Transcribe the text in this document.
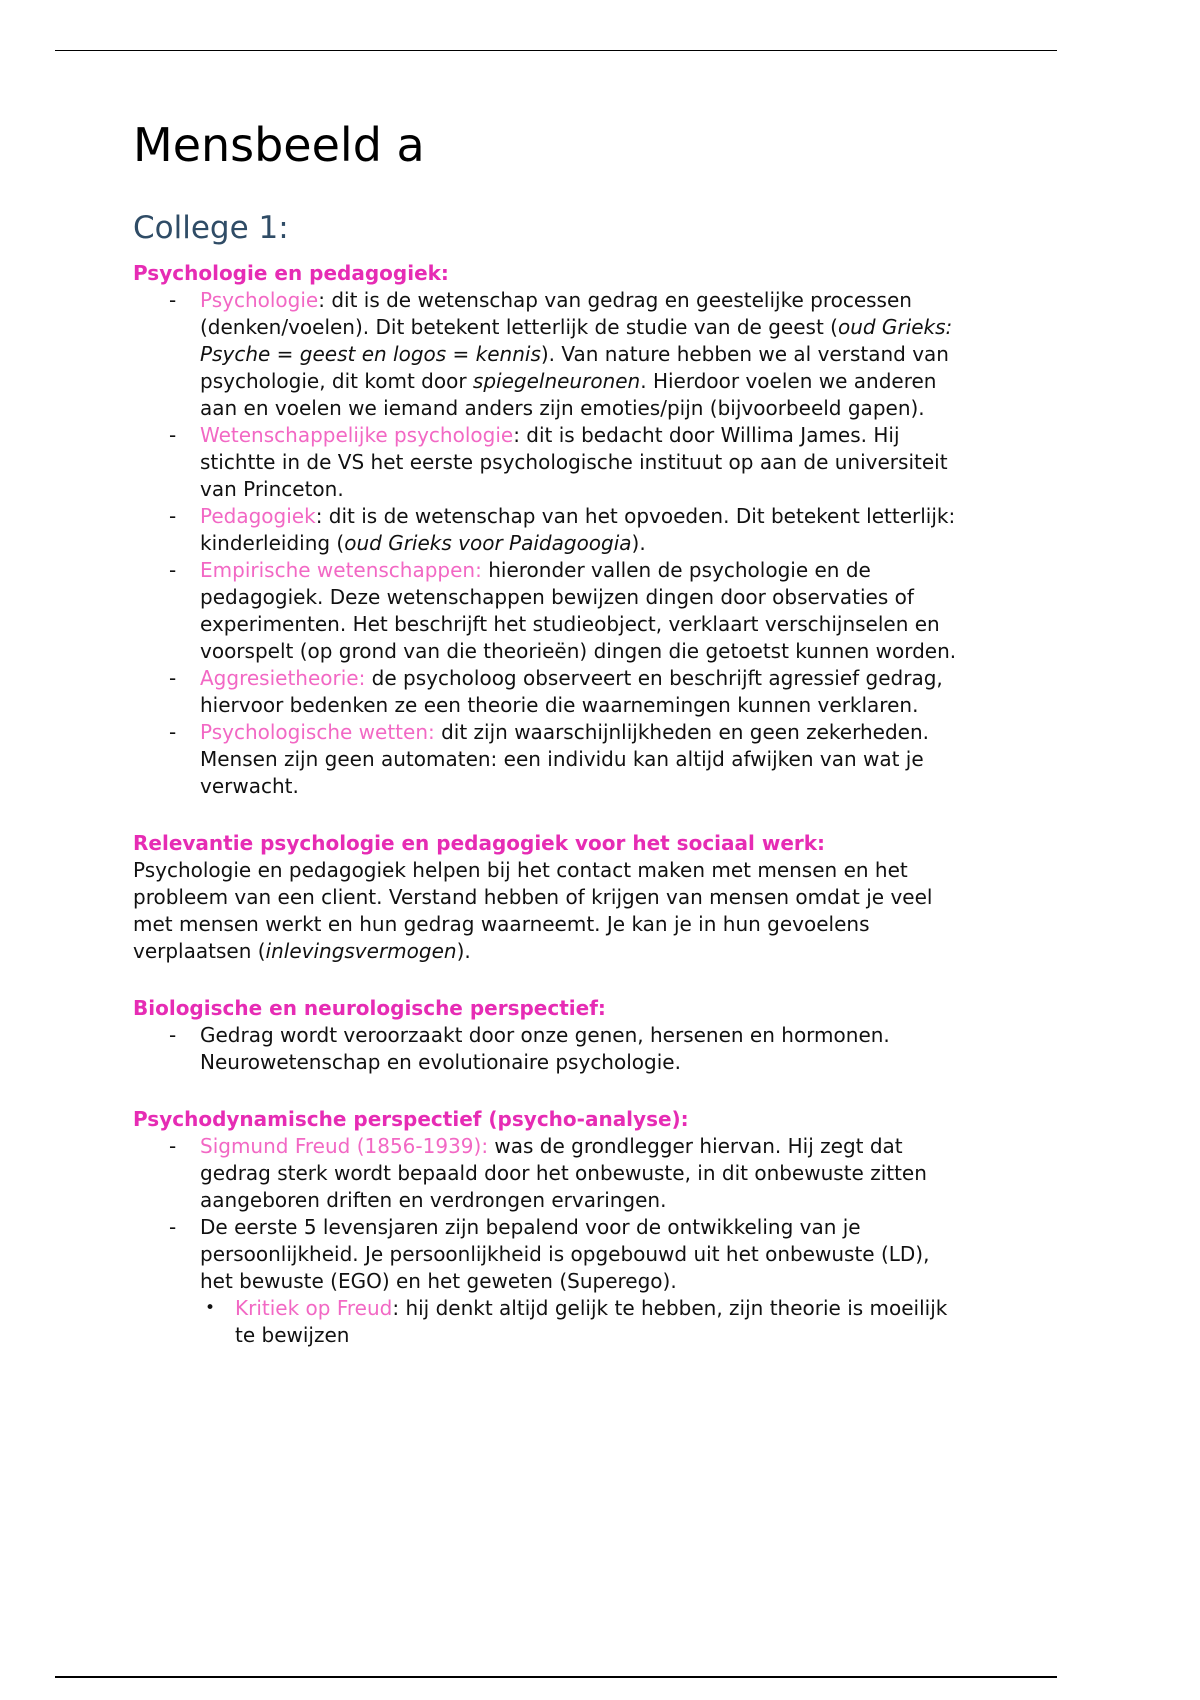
Mensbeeld a
College 1:
Psychologie en pedagogiek:
-	Psychologie: dit is de wetenschap van gedrag en geestelijke processen (denken/voelen). Dit betekent letterlijk de studie van de geest (oud Grieks: Psyche = geest en logos = kennis). Van nature hebben we al verstand van psychologie, dit komt door spiegelneuronen. Hierdoor voelen we anderen aan en voelen we iemand anders zijn emoties/pijn (bijvoorbeeld gapen).
-	Wetenschappelijke psychologie: dit is bedacht door Willima James. Hij stichtte in de VS het eerste psychologische instituut op aan de universiteit van Princeton.
-	Pedagogiek: dit is de wetenschap van het opvoeden. Dit betekent letterlijk: kinderleiding (oud Grieks voor Paidagoogia).
-	Empirische wetenschappen: hieronder vallen de psychologie en de pedagogiek. Deze wetenschappen bewijzen dingen door observaties of experimenten. Het beschrijft het studieobject, verklaart verschijnselen en voorspelt (op grond van die theorieën) dingen die getoetst kunnen worden.
-	Aggresietheorie: de psycholoog observeert en beschrijft agressief gedrag, hiervoor bedenken ze een theorie die waarnemingen kunnen verklaren.
-	Psychologische wetten: dit zijn waarschijnlijkheden en geen zekerheden. Mensen zijn geen automaten: een individu kan altijd afwijken van wat je verwacht.
Relevantie psychologie en pedagogiek voor het sociaal werk:
Psychologie en pedagogiek helpen bij het contact maken met mensen en het probleem van een client. Verstand hebben of krijgen van mensen omdat je veel met mensen werkt en hun gedrag waarneemt. Je kan je in hun gevoelens verplaatsen (inlevingsvermogen).
Biologische en neurologische perspectief:
-	Gedrag wordt veroorzaakt door onze genen, hersenen en hormonen. Neurowetenschap en evolutionaire psychologie.
Psychodynamische perspectief (psycho-analyse):
-	Sigmund Freud (1856-1939): was de grondlegger hiervan. Hij zegt dat gedrag sterk wordt bepaald door het onbewuste, in dit onbewuste zitten aangeboren driften en verdrongen ervaringen.
-	De eerste 5 levensjaren zijn bepalend voor de ontwikkeling van je persoonlijkheid. Je persoonlijkheid is opgebouwd uit het onbewuste (LD), het bewuste (EGO) en het geweten (Superego).
• Kritiek op Freud: hij denkt altijd gelijk te hebben, zijn theorie is moeilijk te bewijzen
